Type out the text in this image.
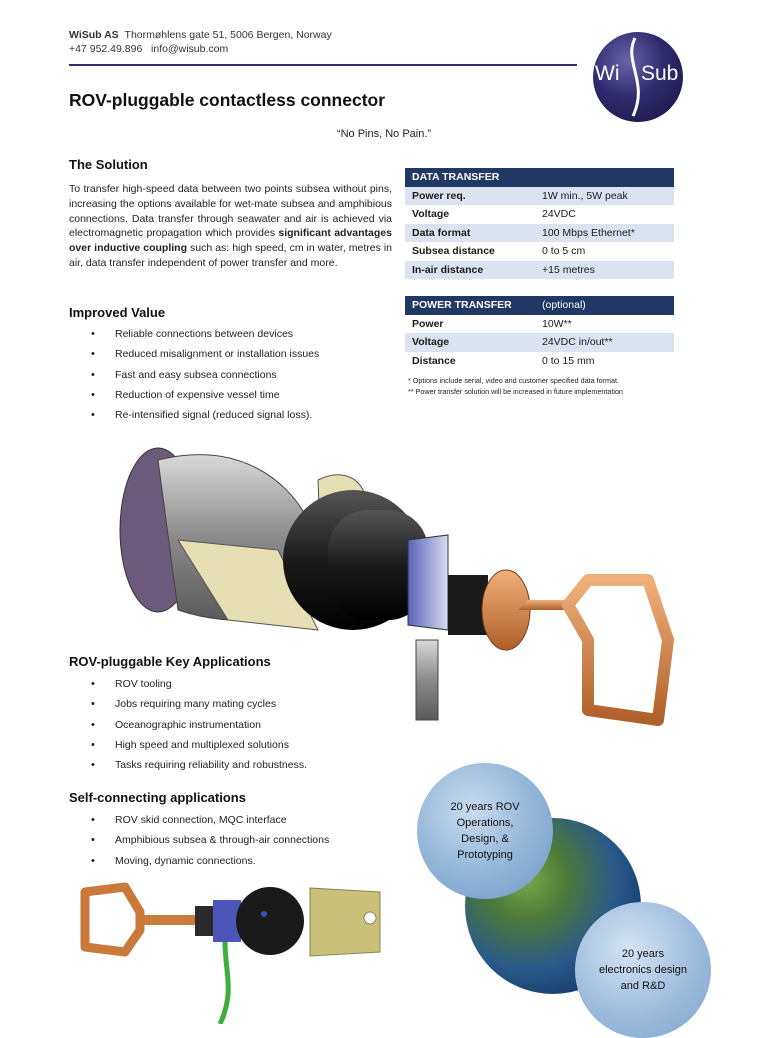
WiSub AS Thormøhlens gate 51, 5006 Bergen, Norway
+47 952.49.896 info@wisub.com
Wi Sub
ROV-pluggable contactless connector
“No Pins, No Pain.”
The Solution
To transfer high-speed data between two points subsea without pins, increasing the options available for wet-mate subsea and amphibious connections. Data transfer through seawater and air is achieved via electromagnetic propagation which provides significant advantages over inductive coupling such as: high speed, cm in water, metres in air, data transfer independent of power transfer and more.
Improved Value
• Reliable connections between devices
• Reduced misalignment or installation issues
• Fast and easy subsea connections
• Reduction of expensive vessel time
• Re-intensified signal (reduced signal loss).
DATA TRANSFER	
Power req.	1W min., 5W peak
Voltage	24VDC
Data format	100 Mbps Ethernet*
Subsea distance	0 to 5 cm
In-air distance	+15 metres
POWER TRANSFER	(optional)
Power	10W**
Voltage	24VDC in/out**
Distance	0 to 15 mm
* Options include serial, video and customer specified data format.
** Power transfer solution will be increased in future implementation
ROV-pluggable Key Applications
• ROV tooling
• Jobs requiring many mating cycles
• Oceanographic instrumentation
• High speed and multiplexed solutions
• Tasks requiring reliability and robustness.
Self-connecting applications
• ROV skid connection, MQC interface
• Amphibious subsea & through-air connections
• Moving, dynamic connections.
20 years ROV
Operations,
Design, &
Prototyping
20 years
electronics design
and R&D
